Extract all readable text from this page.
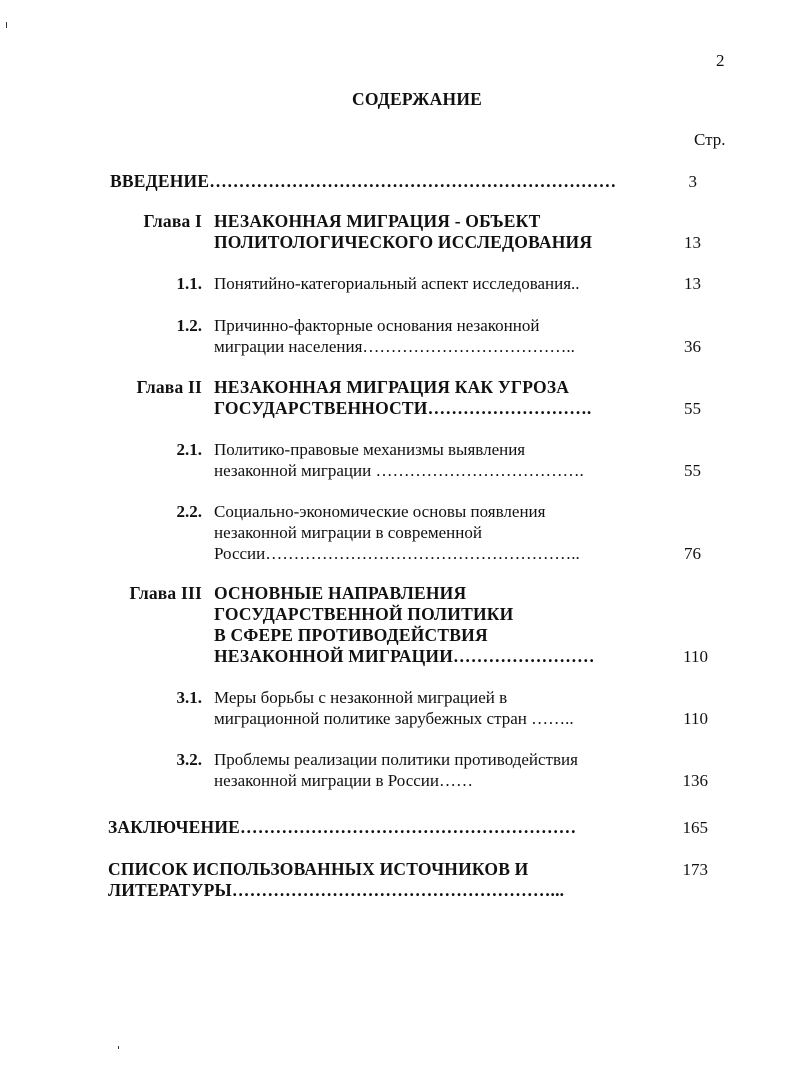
2
СОДЕРЖАНИЕ
Стр.
ВВЕДЕНИЕ……………………………………………………………	3
Глава I НЕЗАКОННАЯ МИГРАЦИЯ - ОБЪЕКТ
ПОЛИТОЛОГИЧЕСКОГО ИССЛЕДОВАНИЯ	13
1.1. Понятийно-категориальный аспект исследования..	13
1.2. Причинно-факторные основания незаконной
миграции населения………………………………..	36
Глава II НЕЗАКОННАЯ МИГРАЦИЯ КАК УГРОЗА
ГОСУДАРСТВЕННОСТИ……………………….	55
2.1. Политико-правовые механизмы выявления
незаконной миграции ……………………………….	55
2.2. Социально-экономические основы появления
незаконной миграции в современной
России………………………………………………..	76
Глава III ОСНОВНЫЕ НАПРАВЛЕНИЯ
ГОСУДАРСТВЕННОЙ ПОЛИТИКИ
В СФЕРЕ ПРОТИВОДЕЙСТВИЯ
НЕЗАКОННОЙ МИГРАЦИИ……………………	110
3.1. Меры борьбы с незаконной миграцией в
миграционной политике зарубежных стран ……..	110
3.2. Проблемы реализации политики противодействия
незаконной миграции в России……	136
ЗАКЛЮЧЕНИЕ…………………………………………………	165
СПИСОК ИСПОЛЬЗОВАННЫХ ИСТОЧНИКОВ И
ЛИТЕРАТУРЫ………………………………………………...
173
